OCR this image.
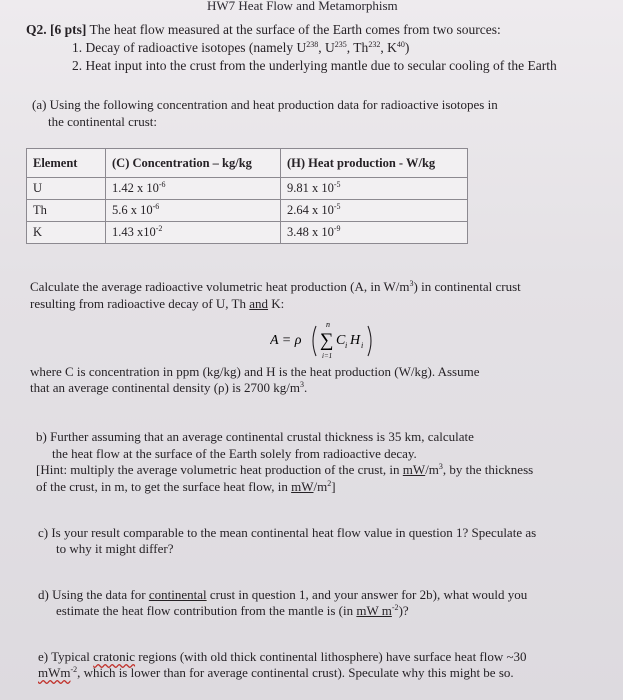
HW7 Heat Flow and Metamorphism
Q2. [6 pts] The heat flow measured at the surface of the Earth comes from two sources:
1. Decay of radioactive isotopes (namely $U^{238}$, $U^{235}$, Th$^{232}$, $K^{40}$)
2. Heat input into the crust from the underlying mantle due to secular cooling of the Earth
(a) Using the following concentration and heat production data for radioactive isotopes in
the continental crust:
Element	(C) Concentration – kg/kg	(H) Heat production - W/kg
U	1.42 x $10^{-6}$	9.81 x $10^{-5}$
Th	5.6 x $10^{-6}$	2.64 x $10^{-5}$
K	1.43 $x10^{-2}$	3.48 x $10^{-9}$
Calculate the average radioactive volumetric heat production (A, in $W/m^3$) in continental crust
resulting from radioactive decay of U, Th and K:
A = ρ
n
∑
i=1
C i H i
where C is concentration in ppm (kg/kg) and H is the heat production (W/kg). Assume
that an average continental density (ρ) is 2700 $kg/m^3$.
b) Further assuming that an average continental crustal thickness is 35 km, calculate
the heat flow at the surface of the Earth solely from radioactive decay.
[Hint: multiply the average volumetric heat production of the crust, in $mW/m^3$, by the thickness
of the crust, in m, to get the surface heat flow, in $mW/m^2$]
c) Is your result comparable to the mean continental heat flow value in question 1? Speculate as
to why it might differ?
d) Using the data for continental crust in question 1, and your answer for 2b), what would you
estimate the heat flow contribution from the mantle is (in mW $m^{-2}$)?
e) Typical cratonic regions (with old thick continental lithosphere) have surface heat flow ~30
mWm$^{-2}$, which is lower than for average continental crust). Speculate why this might be so.
